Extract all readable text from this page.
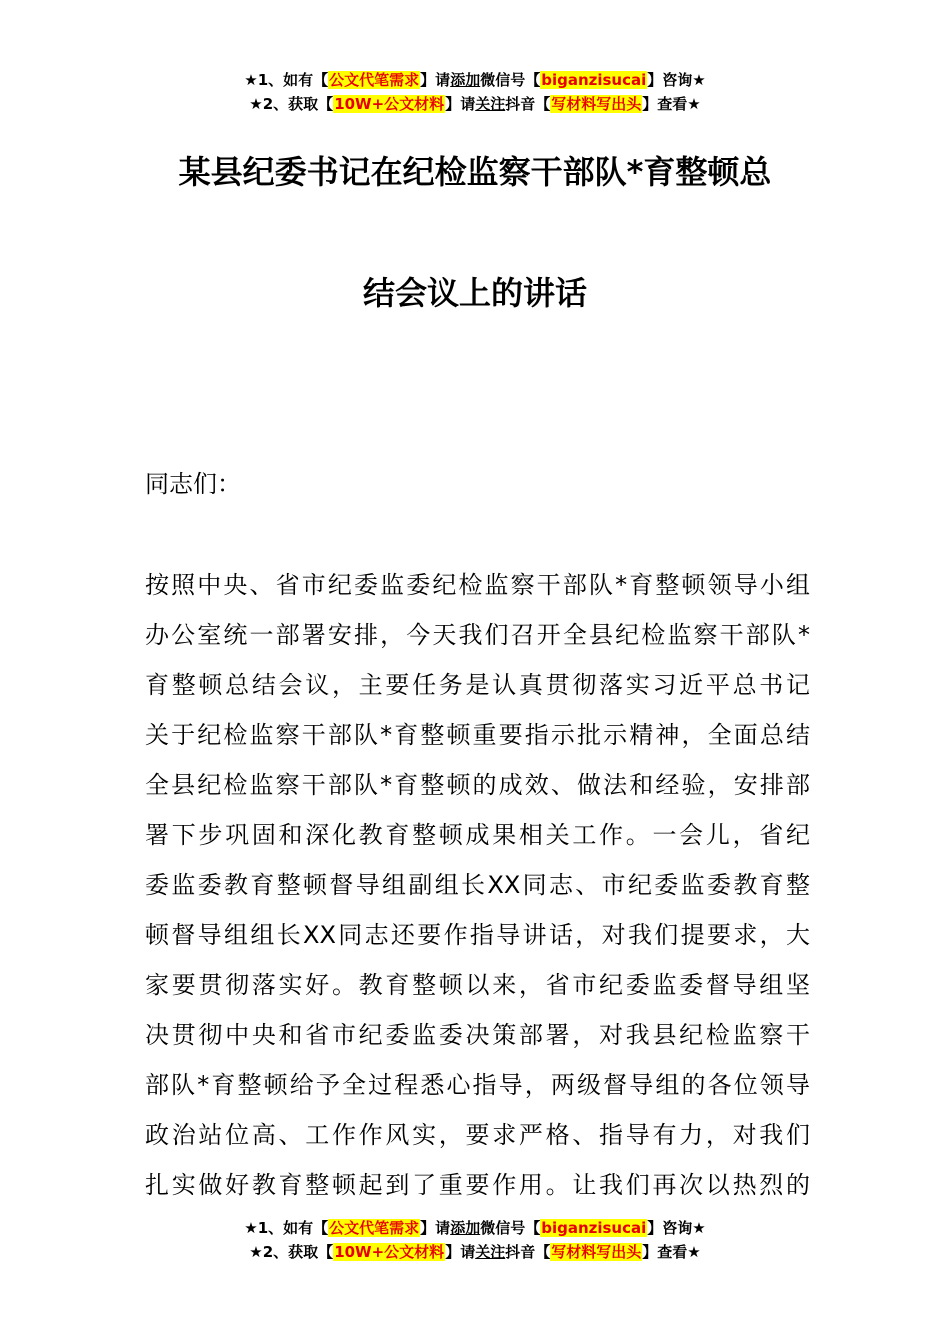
★1、如有【公文代笔需求】请添加微信号【biganzisucai】咨询★
★2、获取【10W+公文材料】请关注抖音【写材料写出头】查看★
某县纪委书记在纪检监察干部队*育整顿总
结会议上的讲话
同志们：
按照中央、省市纪委监委纪检监察干部队*育整顿领导小组
办公室统一部署安排，今天我们召开全县纪检监察干部队*
育整顿总结会议，主要任务是认真贯彻落实习近平总书记
关于纪检监察干部队*育整顿重要指示批示精神，全面总结
全县纪检监察干部队*育整顿的成效、做法和经验，安排部
署下步巩固和深化教育整顿成果相关工作。一会儿，省纪
委监委教育整顿督导组副组长XX同志、市纪委监委教育整
顿督导组组长XX同志还要作指导讲话，对我们提要求，大
家要贯彻落实好。教育整顿以来，省市纪委监委督导组坚
决贯彻中央和省市纪委监委决策部署，对我县纪检监察干
部队*育整顿给予全过程悉心指导，两级督导组的各位领导
政治站位高、工作作风实，要求严格、指导有力，对我们
扎实做好教育整顿起到了重要作用。让我们再次以热烈的
★1、如有【公文代笔需求】请添加微信号【biganzisucai】咨询★
★2、获取【10W+公文材料】请关注抖音【写材料写出头】查看★
